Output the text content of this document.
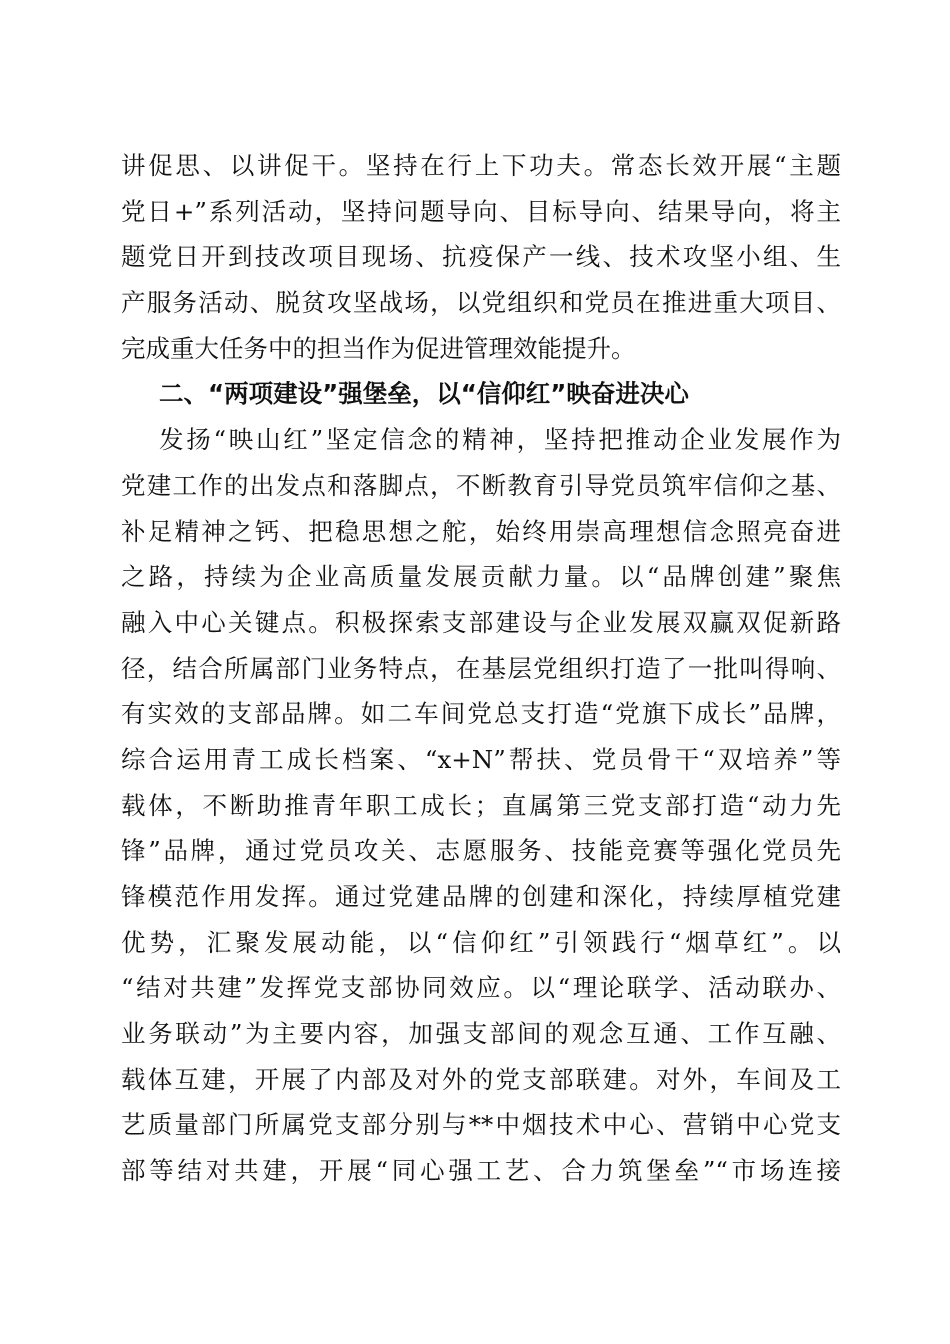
讲促思、以讲促干。坚持在行上下功夫。常态长效开展“主题
党日+”系列活动，坚持问题导向、目标导向、结果导向，将主
题党日开到技改项目现场、抗疫保产一线、技术攻坚小组、生
产服务活动、脱贫攻坚战场，以党组织和党员在推进重大项目、
完成重大任务中的担当作为促进管理效能提升。
二、“两项建设”强堡垒，以“信仰红”映奋进决心
发扬“映山红”坚定信念的精神，坚持把推动企业发展作为
党建工作的出发点和落脚点，不断教育引导党员筑牢信仰之基、
补足精神之钙、把稳思想之舵，始终用崇高理想信念照亮奋进
之路，持续为企业高质量发展贡献力量。以“品牌创建”聚焦
融入中心关键点。积极探索支部建设与企业发展双赢双促新路
径，结合所属部门业务特点，在基层党组织打造了一批叫得响、
有实效的支部品牌。如二车间党总支打造“党旗下成长”品牌，
综合运用青工成长档案、“x+N”帮扶、党员骨干“双培养”等
载体，不断助推青年职工成长；直属第三党支部打造“动力先
锋”品牌，通过党员攻关、志愿服务、技能竞赛等强化党员先
锋模范作用发挥。通过党建品牌的创建和深化，持续厚植党建
优势，汇聚发展动能，以“信仰红”引领践行“烟草红”。以
“结对共建”发挥党支部协同效应。以“理论联学、活动联办、
业务联动”为主要内容，加强支部间的观念互通、工作互融、
载体互建，开展了内部及对外的党支部联建。对外，车间及工
艺质量部门所属党支部分别与**中烟技术中心、营销中心党支
部等结对共建，开展“同心强工艺、合力筑堡垒”“市场连接
